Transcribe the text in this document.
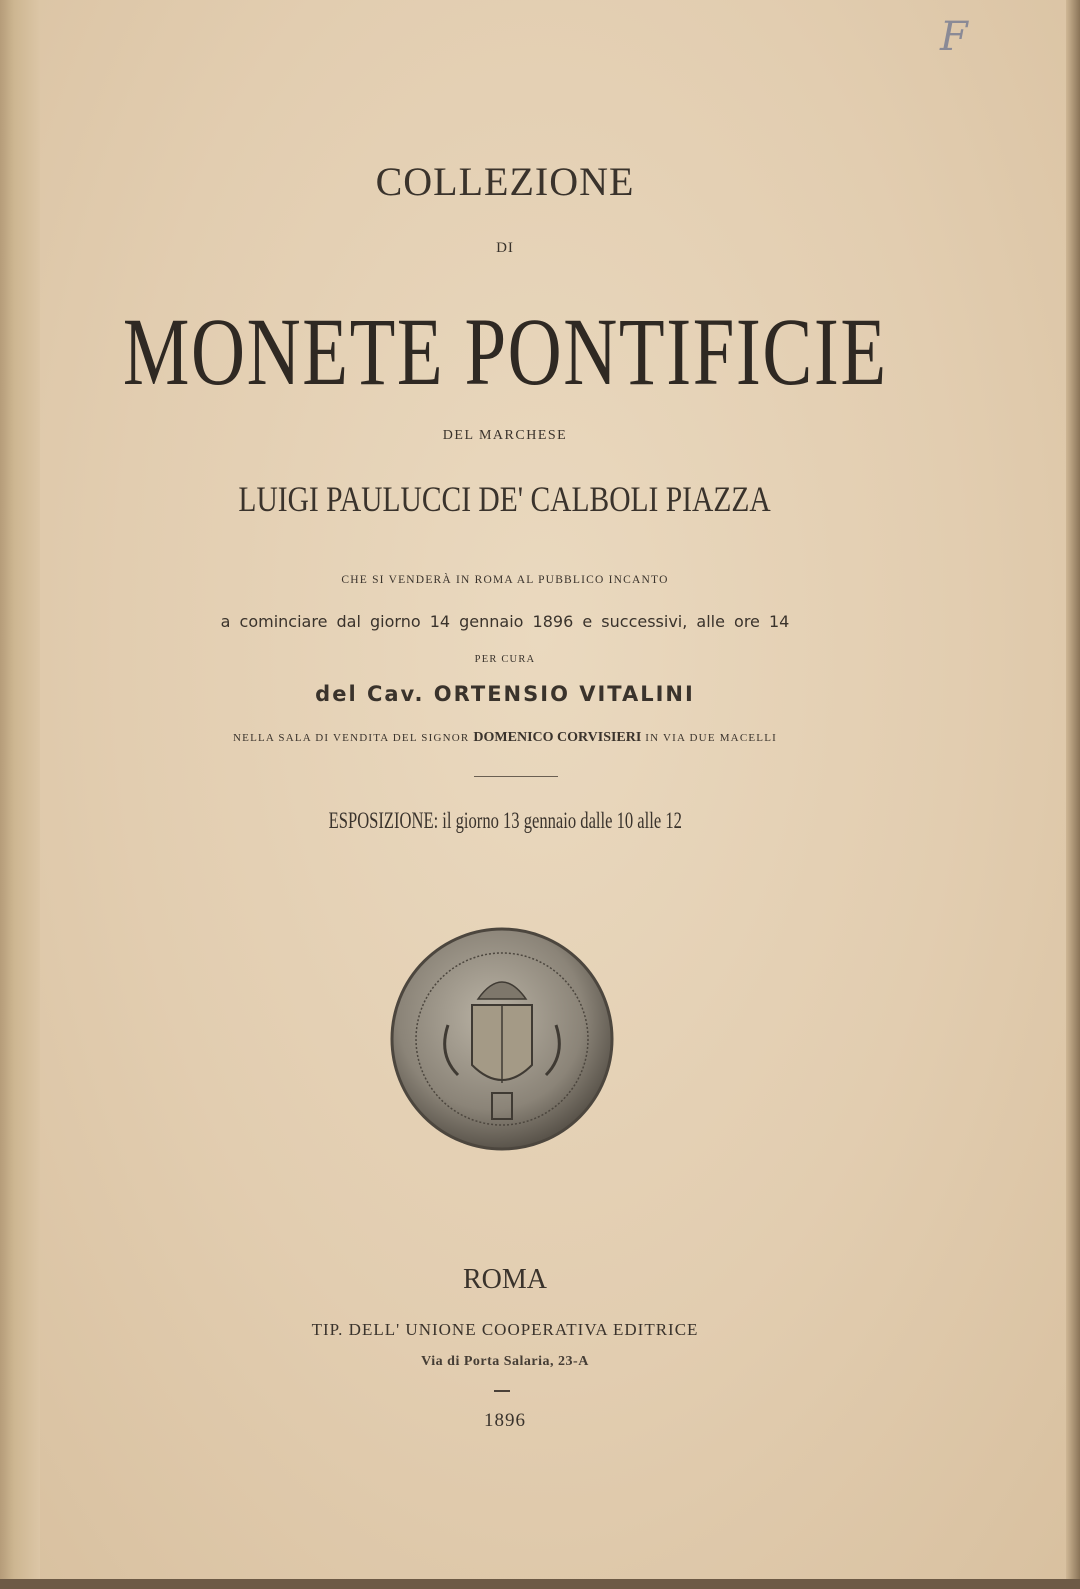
F
COLLEZIONE
DI
MONETE PONTIFICIE
DEL MARCHESE
LUIGI PAULUCCI DE' CALBOLI PIAZZA
CHE SI VENDERÀ IN ROMA AL PUBBLICO INCANTO
a cominciare dal giorno 14 gennaio 1896 e successivi, alle ore 14
PER CURA
del Cav. ORTENSIO VITALINI
NELLA SALA DI VENDITA DEL SIGNOR DOMENICO CORVISIERI IN VIA DUE MACELLI
ESPOSIZIONE: il giorno 13 gennaio dalle 10 alle 12
ROMA
TIP. DELL' UNIONE COOPERATIVA EDITRICE
Via di Porta Salaria, 23-A
1896
